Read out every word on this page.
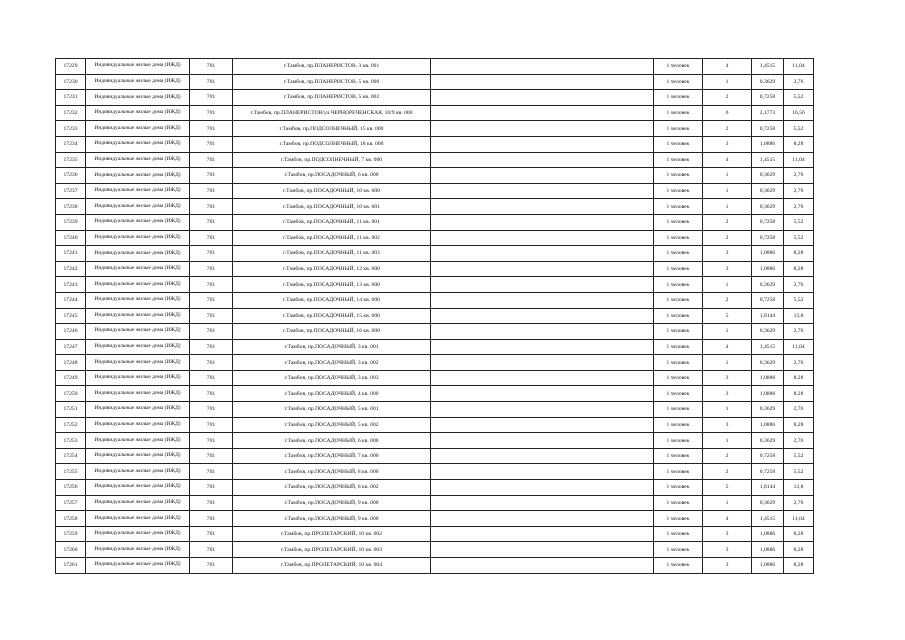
17229	Индивидуальные жилые дома (ИЖД)	701	г.Тамбов, пр.ПЛАНЕРИСТОВ, 3 кв. 001		1 человек	4	1,4515	11,04
17230	Индивидуальные жилые дома (ИЖД)	701	г.Тамбов, пр.ПЛАНЕРИСТОВ, 5 кв. 000		1 человек	1	0,3629	2,76
17231	Индивидуальные жилые дома (ИЖД)	701	г.Тамбов, пр.ПЛАНЕРИСТОВ, 5 кв. 002		1 человек	2	0,7258	5,52
17232	Индивидуальные жилые дома (ИЖД)	701	г.Тамбов, пр.ПЛАНЕРИСТОВ/ул.ЧЕРНОРЕЧЕНСКАЯ, 10/9 кв. 000		1 человек	6	2,1773	16,56
17233	Индивидуальные жилые дома (ИЖД)	701	г.Тамбов, пр.ПОДСОЛНЕЧНЫЙ, 15 кв. 000		1 человек	2	0,7258	5,52
17234	Индивидуальные жилые дома (ИЖД)	701	г.Тамбов, пр.ПОДСОЛНЕЧНЫЙ, 18 кв. 000		1 человек	3	1,0886	8,28
17235	Индивидуальные жилые дома (ИЖД)	701	г.Тамбов, пр.ПОДСОЛНЕЧНЫЙ, 7 кв. 000		1 человек	4	1,4515	11,04
17236	Индивидуальные жилые дома (ИЖД)	701	г.Тамбов, пр.ПОСАДОЧНЫЙ, 6 кв. 000		1 человек	1	0,3629	2,76
17237	Индивидуальные жилые дома (ИЖД)	701	г.Тамбов, пр.ПОСАДОЧНЫЙ, 10 кв. 000		1 человек	1	0,3629	2,76
17238	Индивидуальные жилые дома (ИЖД)	701	г.Тамбов, пр.ПОСАДОЧНЫЙ, 10 кв. 001		1 человек	1	0,3629	2,76
17239	Индивидуальные жилые дома (ИЖД)	701	г.Тамбов, пр.ПОСАДОЧНЫЙ, 11 кв. 001		1 человек	2	0,7258	5,52
17240	Индивидуальные жилые дома (ИЖД)	701	г.Тамбов, пр.ПОСАДОЧНЫЙ, 11 кв. 002		1 человек	2	0,7258	5,52
17241	Индивидуальные жилые дома (ИЖД)	701	г.Тамбов, пр.ПОСАДОЧНЫЙ, 11 кв. 003		1 человек	3	1,0886	8,28
17242	Индивидуальные жилые дома (ИЖД)	701	г.Тамбов, пр.ПОСАДОЧНЫЙ, 12 кв. 000		1 человек	3	1,0886	8,28
17243	Индивидуальные жилые дома (ИЖД)	701	г.Тамбов, пр.ПОСАДОЧНЫЙ, 13 кв. 000		1 человек	1	0,3629	2,76
17244	Индивидуальные жилые дома (ИЖД)	701	г.Тамбов, пр.ПОСАДОЧНЫЙ, 14 кв. 000		1 человек	2	0,7258	5,52
17245	Индивидуальные жилые дома (ИЖД)	701	г.Тамбов, пр.ПОСАДОЧНЫЙ, 15 кв. 000		1 человек	5	1,8144	13,8
17246	Индивидуальные жилые дома (ИЖД)	701	г.Тамбов, пр.ПОСАДОЧНЫЙ, 16 кв. 000		1 человек	1	0,3629	2,76
17247	Индивидуальные жилые дома (ИЖД)	701	г.Тамбов, пр.ПОСАДОЧНЫЙ, 3 кв. 001		1 человек	4	1,4515	11,04
17248	Индивидуальные жилые дома (ИЖД)	701	г.Тамбов, пр.ПОСАДОЧНЫЙ, 3 кв. 002		1 человек	1	0,3629	2,76
17249	Индивидуальные жилые дома (ИЖД)	701	г.Тамбов, пр.ПОСАДОЧНЫЙ, 3 кв. 003		1 человек	3	1,0886	8,28
17250	Индивидуальные жилые дома (ИЖД)	701	г.Тамбов, пр.ПОСАДОЧНЫЙ, 4 кв. 000		1 человек	3	1,0886	8,28
17251	Индивидуальные жилые дома (ИЖД)	701	г.Тамбов, пр.ПОСАДОЧНЫЙ, 5 кв. 001		1 человек	1	0,3629	2,76
17252	Индивидуальные жилые дома (ИЖД)	701	г.Тамбов, пр.ПОСАДОЧНЫЙ, 5 кв. 002		1 человек	3	1,0886	8,28
17253	Индивидуальные жилые дома (ИЖД)	701	г.Тамбов, пр.ПОСАДОЧНЫЙ, 6 кв. 000		1 человек	1	0,3629	2,76
17254	Индивидуальные жилые дома (ИЖД)	701	г.Тамбов, пр.ПОСАДОЧНЫЙ, 7 кв. 000		1 человек	2	0,7258	5,52
17255	Индивидуальные жилые дома (ИЖД)	701	г.Тамбов, пр.ПОСАДОЧНЫЙ, 8 кв. 000		1 человек	2	0,7258	5,52
17256	Индивидуальные жилые дома (ИЖД)	701	г.Тамбов, пр.ПОСАДОЧНЫЙ, 8 кв. 002		1 человек	5	1,8144	13,8
17257	Индивидуальные жилые дома (ИЖД)	701	г.Тамбов, пр.ПОСАДОЧНЫЙ, 9 кв. 000		1 человек	1	0,3629	2,76
17258	Индивидуальные жилые дома (ИЖД)	701	г.Тамбов, пр.ПОСАДОЧНЫЙ, 9 кв. 000		1 человек	4	1,4515	11,04
17259	Индивидуальные жилые дома (ИЖД)	701	г.Тамбов, пр.ПРОЛЕТАРСКИЙ, 10 кв. 002		1 человек	3	1,0886	8,28
17260	Индивидуальные жилые дома (ИЖД)	701	г.Тамбов, пр.ПРОЛЕТАРСКИЙ, 10 кв. 003		1 человек	3	1,0886	8,28
17261	Индивидуальные жилые дома (ИЖД)	701	г.Тамбов, пр.ПРОЛЕТАРСКИЙ, 10 кв. 004		1 человек	3	1,0886	8,28
